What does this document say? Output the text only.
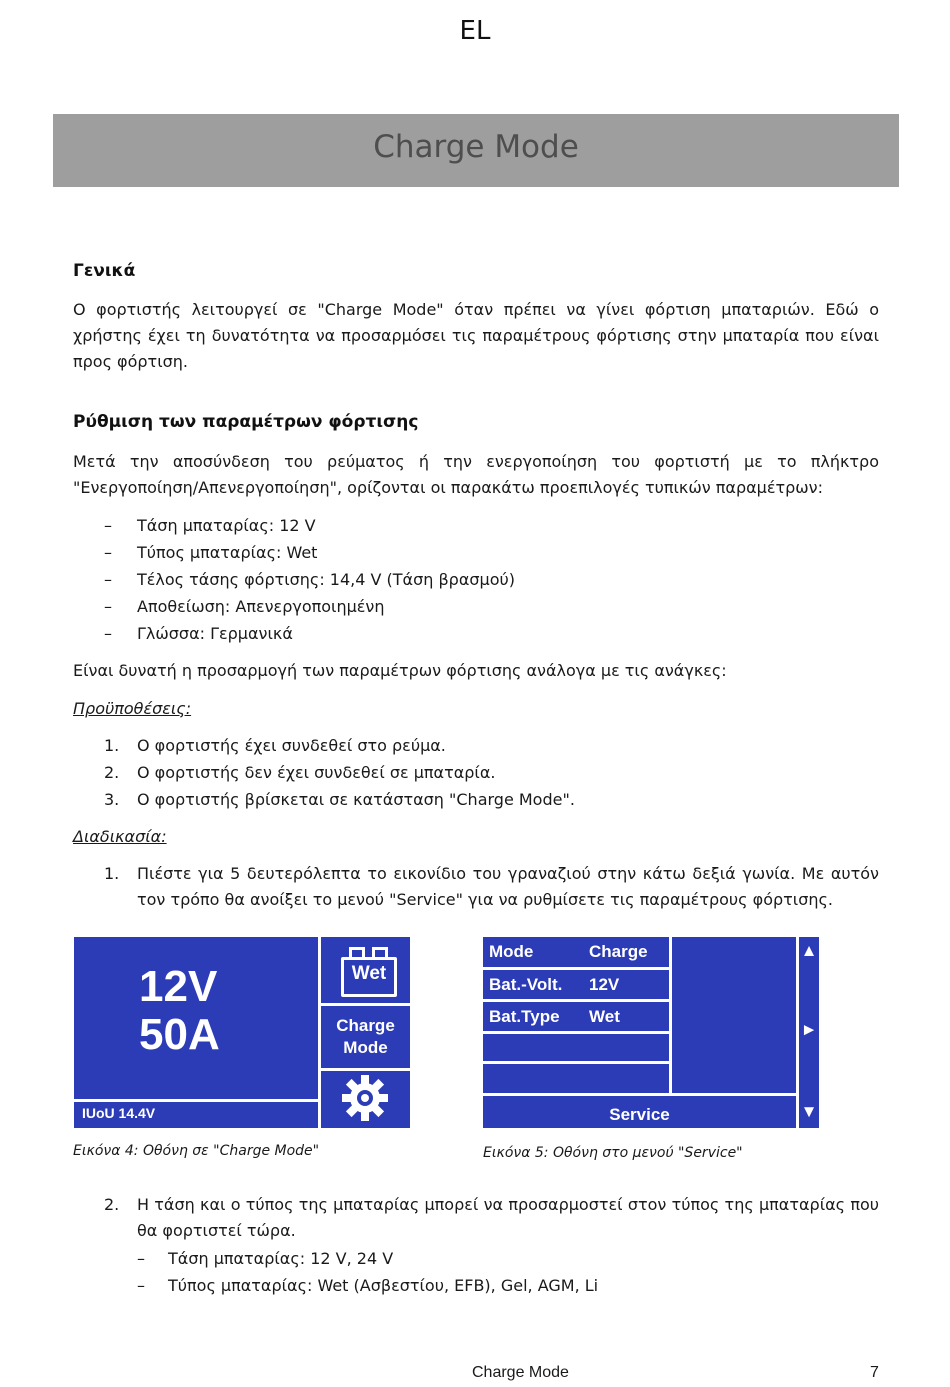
EL
Charge Mode
Γενικά
Ο φορτιστής λειτουργεί σε "Charge Mode" όταν πρέπει να γίνει φόρτιση μπαταριών. Εδώ ο χρήστης έχει τη δυνατότητα να προσαρμόσει τις παραμέτρους φόρτισης στην μπαταρία που είναι προς φόρτιση.
Ρύθμιση των παραμέτρων φόρτισης
Μετά την αποσύνδεση του ρεύματος ή την ενεργοποίηση του φορτιστή με το πλήκτρο "Ενεργοποίηση/Απενεργοποίηση", ορίζονται οι παρακάτω προεπιλογές τυπικών παραμέτρων:
– Τάση μπαταρίας: 12 V
– Τύπος μπαταρίας: Wet
– Τέλος τάσης φόρτισης: 14,4 V (Τάση βρασμού)
– Αποθείωση: Απενεργοποιημένη
– Γλώσσα: Γερμανικά
Είναι δυνατή η προσαρμογή των παραμέτρων φόρτισης ανάλογα με τις ανάγκες:
Προϋποθέσεις:
1. Ο φορτιστής έχει συνδεθεί στο ρεύμα.
2. Ο φορτιστής δεν έχει συνδεθεί σε μπαταρία.
3. Ο φορτιστής βρίσκεται σε κατάσταση "Charge Mode".
Διαδικασία:
1. Πιέστε για 5 δευτερόλεπτα το εικονίδιο του γραναζιού στην κάτω δεξιά γωνία. Με αυτόν τον τρόπο θα ανοίξει το μενού "Service" για να ρυθμίσετε τις παραμέτρους φόρτισης.
12V
50A
IUoU 14.4V
Wet
Charge
Mode
Mode	Charge
Bat.-Volt. 12V
Bat.Type Wet
Service
▲
►
▼
Εικόνα 4: Οθόνη σε "Charge Mode"	Εικόνα 5: Οθόνη στο μενού "Service"
2. Η τάση και ο τύπος της μπαταρίας μπορεί να προσαρμοστεί στον τύπος της μπαταρίας που θα φορτιστεί τώρα.
– Τάση μπαταρίας: 12 V, 24 V
– Τύπος μπαταρίας: Wet (Ασβεστίου, EFB), Gel, AGM, Li
Charge Mode	7
